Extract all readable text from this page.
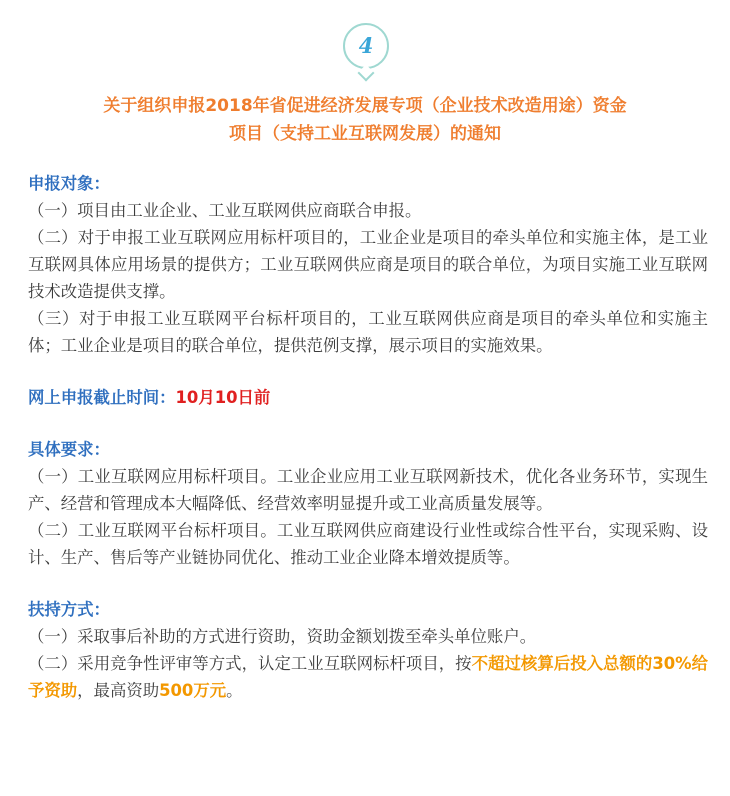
4
关于组织申报2018年省促进经济发展专项（企业技术改造用途）资金
项目（支持工业互联网发展）的通知

申报对象：

（一）项目由工业企业、工业互联网供应商联合申报。

（二）对于申报工业互联网应用标杆项目的，工业企业是项目的牵头单位和实施主体，是工业互联网具体应用场景的提供方；工业互联网供应商是项目的联合单位，为项目实施工业互联网技术改造提供支撑。

（三）对于申报工业互联网平台标杆项目的，工业互联网供应商是项目的牵头单位和实施主体；工业企业是项目的联合单位，提供范例支撑，展示项目的实施效果。

网上申报截止时间：10月10日前

具体要求：

（一）工业互联网应用标杆项目。工业企业应用工业互联网新技术，优化各业务环节，实现生产、经营和管理成本大幅降低、经营效率明显提升或工业高质量发展等。

（二）工业互联网平台标杆项目。工业互联网供应商建设行业性或综合性平台，实现采购、设计、生产、售后等产业链协同优化、推动工业企业降本增效提质等。

扶持方式：

（一）采取事后补助的方式进行资助，资助金额划拨至牵头单位账户。

（二）采用竞争性评审等方式，认定工业互联网标杆项目，按不超过核算后投入总额的30%给予资助，最高资助500万元。
